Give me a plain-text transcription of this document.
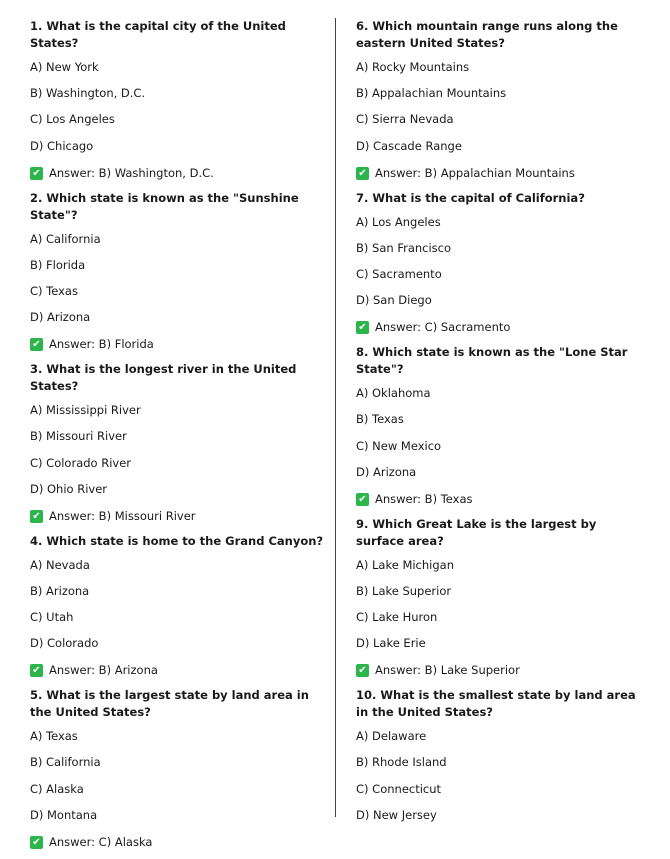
1. What is the capital city of the United States?
A) New York
B) Washington, D.C.
C) Los Angeles
D) Chicago
✔ Answer: B) Washington, D.C.
2. Which state is known as the "Sunshine State"?
A) California
B) Florida
C) Texas
D) Arizona
✔ Answer: B) Florida
3. What is the longest river in the United States?
A) Mississippi River
B) Missouri River
C) Colorado River
D) Ohio River
✔ Answer: B) Missouri River
4. Which state is home to the Grand Canyon?
A) Nevada
B) Arizona
C) Utah
D) Colorado
✔ Answer: B) Arizona
5. What is the largest state by land area in the United States?
A) Texas
B) California
C) Alaska
D) Montana
✔ Answer: C) Alaska
6. Which mountain range runs along the eastern United States?
A) Rocky Mountains
B) Appalachian Mountains
C) Sierra Nevada
D) Cascade Range
✔ Answer: B) Appalachian Mountains
7. What is the capital of California?
A) Los Angeles
B) San Francisco
C) Sacramento
D) San Diego
✔ Answer: C) Sacramento
8. Which state is known as the "Lone Star State"?
A) Oklahoma
B) Texas
C) New Mexico
D) Arizona
✔ Answer: B) Texas
9. Which Great Lake is the largest by surface area?
A) Lake Michigan
B) Lake Superior
C) Lake Huron
D) Lake Erie
✔ Answer: B) Lake Superior
10. What is the smallest state by land area in the United States?
A) Delaware
B) Rhode Island
C) Connecticut
D) New Jersey
